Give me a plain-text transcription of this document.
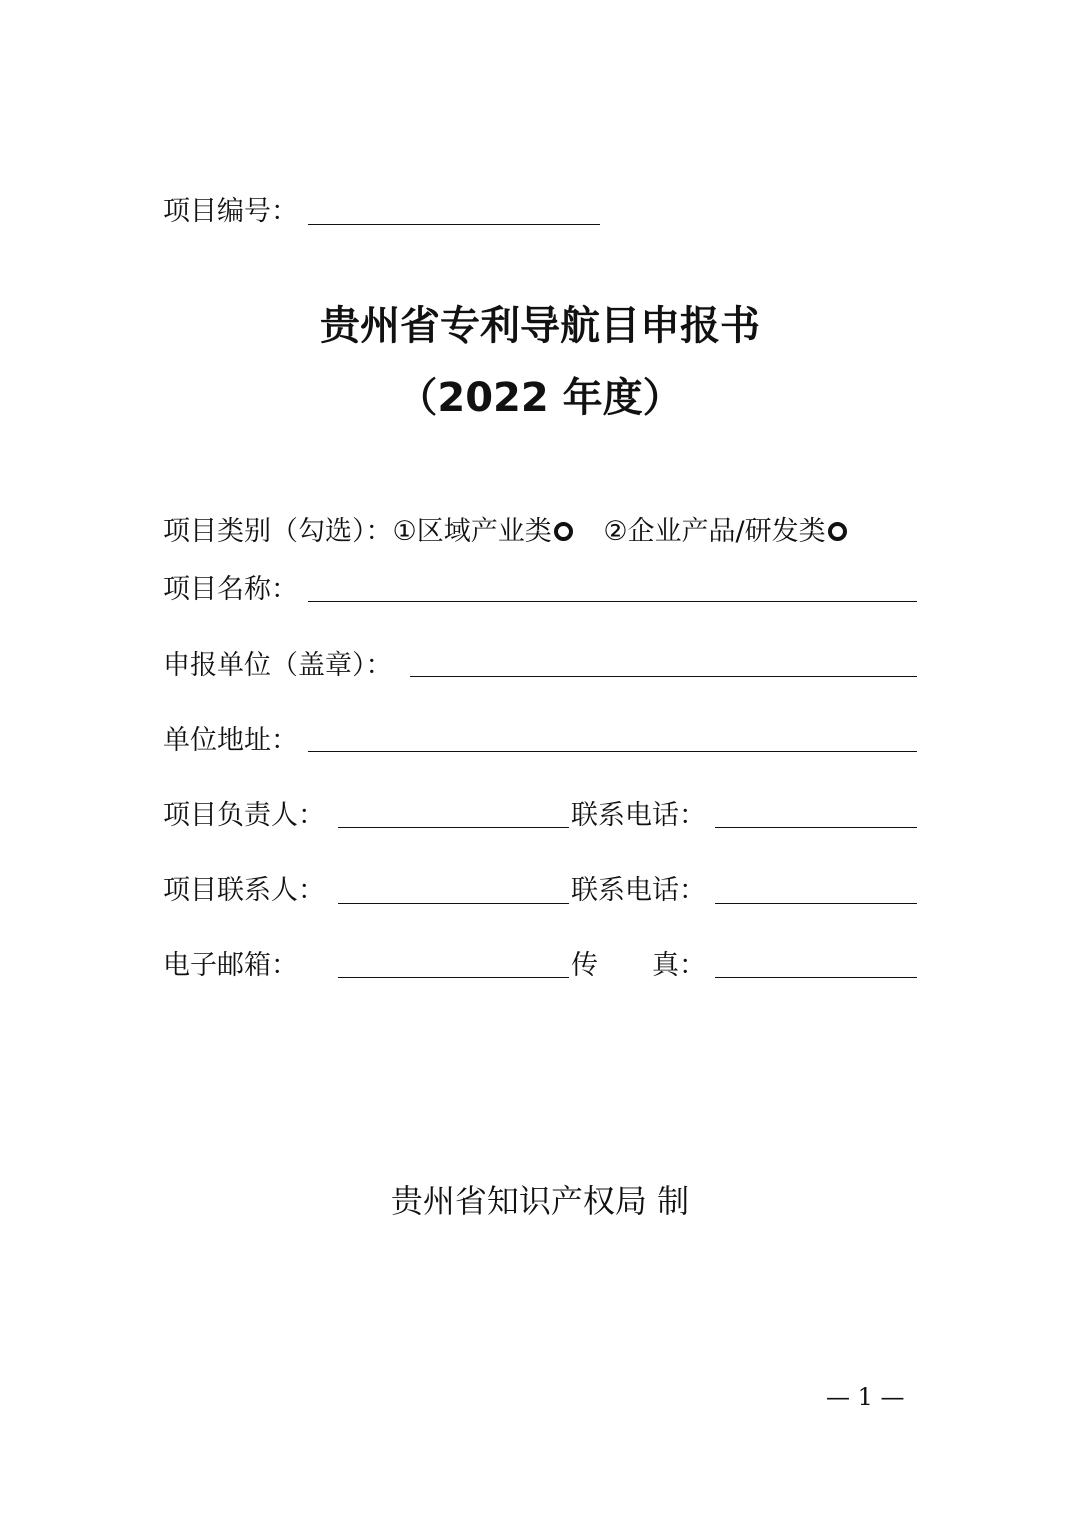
项目编号：
贵州省专利导航目申报书
（2022 年度）
项目类别（勾选）：①区域产业类 ②企业产品/研发类
项目名称：
申报单位（盖章）：
单位地址：
项目负责人：	联系电话：
项目联系人：	联系电话：
电子邮箱：	传　　真：
贵州省知识产权局 制
— 1 —
